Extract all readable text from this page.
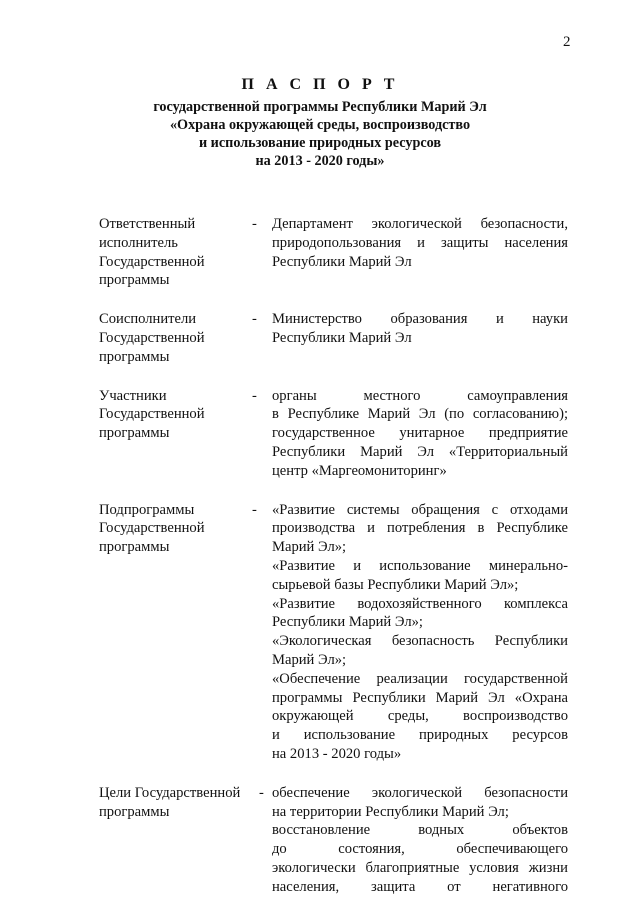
2
П А С П О Р Т
государственной программы Республики Марий Эл
«Охрана окружающей среды, воспроизводство
и использование природных ресурсов
на 2013 - 2020 годы»
Ответственный
исполнитель
Государственной
программы
-	Департамент экологической безопасности,
природопользования и защиты населения
Республики Марий Эл
Соисполнители
Государственной
программы
-	Министерство образования и науки
Республики Марий Эл
Участники
Государственной
программы
-	органы местного самоуправления
в Республике Марий Эл (по согласованию);
государственное унитарное предприятие
Республики Марий Эл «Территориальный
центр «Маргеомониторинг»
Подпрограммы
Государственной
программы
-	«Развитие системы обращения с отходами
производства и потребления в Республике
Марий Эл»;
«Развитие и использование минерально-
сырьевой базы Республики Марий Эл»;
«Развитие водохозяйственного комплекса
Республики Марий Эл»;
«Экологическая безопасность Республики
Марий Эл»;
«Обеспечение реализации государственной
программы Республики Марий Эл «Охрана
окружающей среды, воспроизводство
и использование природных ресурсов
на 2013 - 2020 годы»
Цели Государственной
программы
- обеспечение экологической безопасности
на территории Республики Марий Эл;
восстановление водных объектов
до состояния, обеспечивающего
экологически благоприятные условия жизни
населения, защита от негативного
